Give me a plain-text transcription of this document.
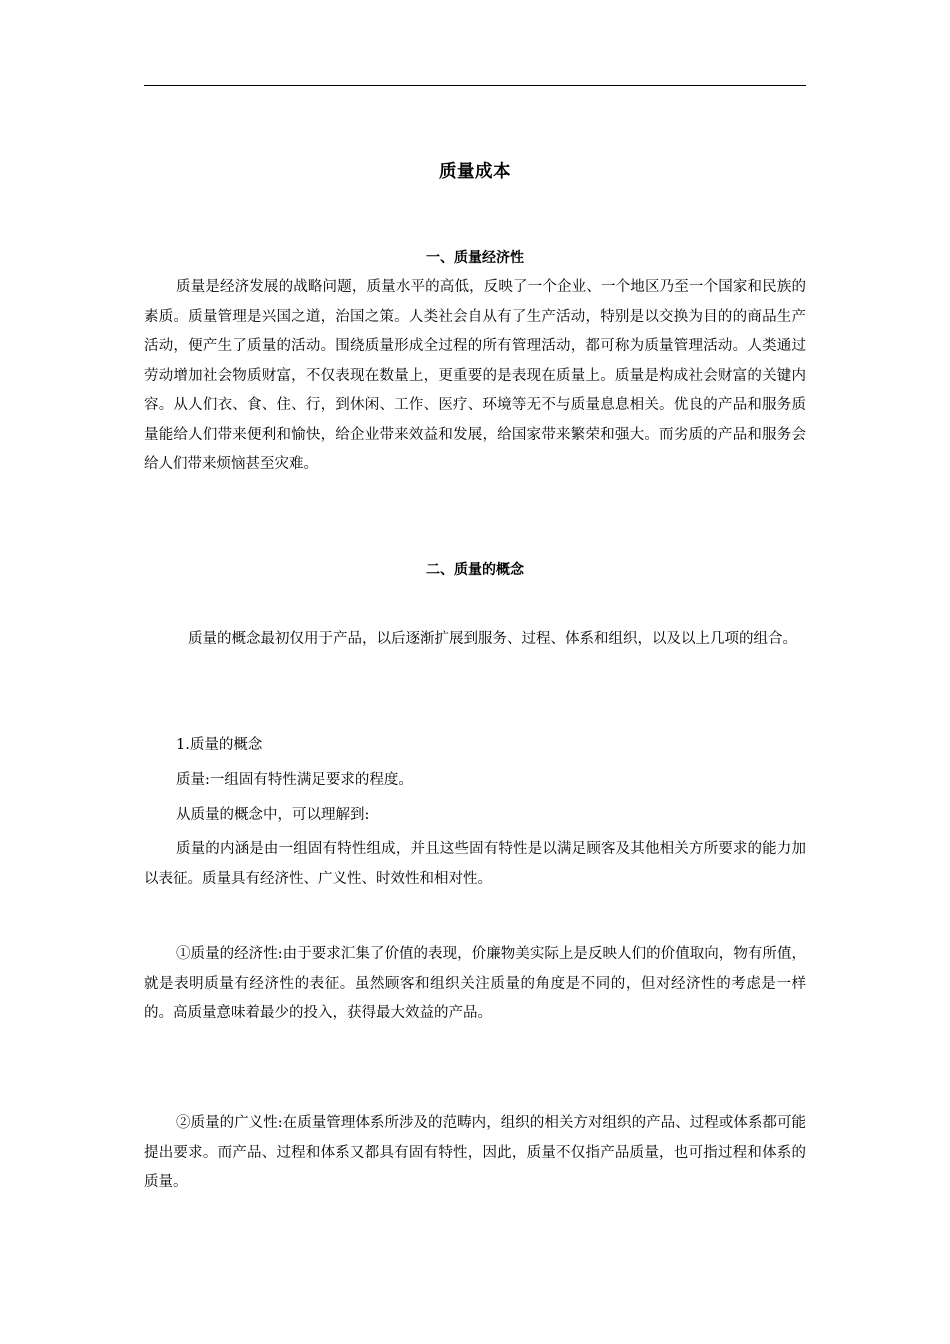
质量成本
一、质量经济性

质量是经济发展的战略问题，质量水平的高低，反映了一个企业、一个地区乃至一个国家和民族的素质。质量管理是兴国之道，治国之策。人类社会自从有了生产活动，特别是以交换为目的的商品生产活动，便产生了质量的活动。围绕质量形成全过程的所有管理活动，都可称为质量管理活动。人类通过劳动增加社会物质财富，不仅表现在数量上，更重要的是表现在质量上。质量是构成社会财富的关键内容。从人们衣、食、住、行，到休闲、工作、医疗、环境等无不与质量息息相关。优良的产品和服务质量能给人们带来便利和愉快，给企业带来效益和发展，给国家带来繁荣和强大。而劣质的产品和服务会给人们带来烦恼甚至灾难。

二、质量的概念

质量的概念最初仅用于产品，以后逐渐扩展到服务、过程、体系和组织，以及以上几项的组合。

1.质量的概念
质量:一组固有特性满足要求的程度。
从质量的概念中，可以理解到:

质量的内涵是由一组固有特性组成，并且这些固有特性是以满足顾客及其他相关方所要求的能力加以表征。质量具有经济性、广义性、时效性和相对性。

①质量的经济性:由于要求汇集了价值的表现，价廉物美实际上是反映人们的价值取向，物有所值，就是表明质量有经济性的表征。虽然顾客和组织关注质量的角度是不同的，但对经济性的考虑是一样的。高质量意味着最少的投入，获得最大效益的产品。

②质量的广义性:在质量管理体系所涉及的范畴内，组织的相关方对组织的产品、过程或体系都可能提出要求。而产品、过程和体系又都具有固有特性，因此，质量不仅指产品质量，也可指过程和体系的质量。
